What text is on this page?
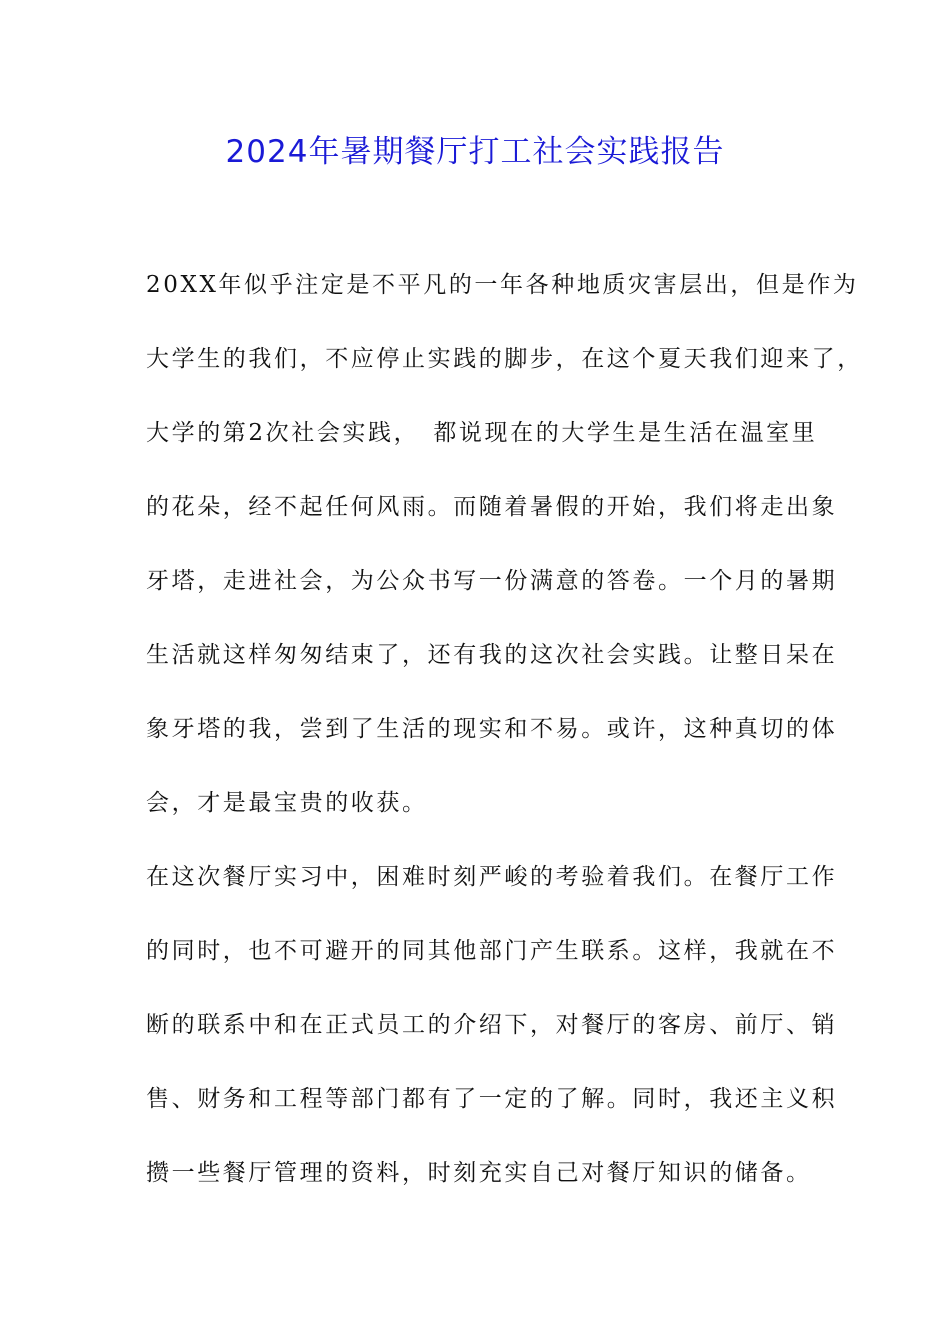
2024年暑期餐厅打工社会实践报告

20XX年似乎注定是不平凡的一年各种地质灾害层出，但是作为

大学生的我们，不应停止实践的脚步，在这个夏天我们迎来了，

大学的第2次社会实践，　都说现在的大学生是生活在温室里

的花朵，经不起任何风雨。而随着暑假的开始，我们将走出象

牙塔，走进社会，为公众书写一份满意的答卷。一个月的暑期

生活就这样匆匆结束了，还有我的这次社会实践。让整日呆在

象牙塔的我，尝到了生活的现实和不易。或许，这种真切的体

会，才是最宝贵的收获。

在这次餐厅实习中，困难时刻严峻的考验着我们。在餐厅工作

的同时，也不可避开的同其他部门产生联系。这样，我就在不

断的联系中和在正式员工的介绍下，对餐厅的客房、前厅、销

售、财务和工程等部门都有了一定的了解。同时，我还主义积

攒一些餐厅管理的资料，时刻充实自己对餐厅知识的储备。
